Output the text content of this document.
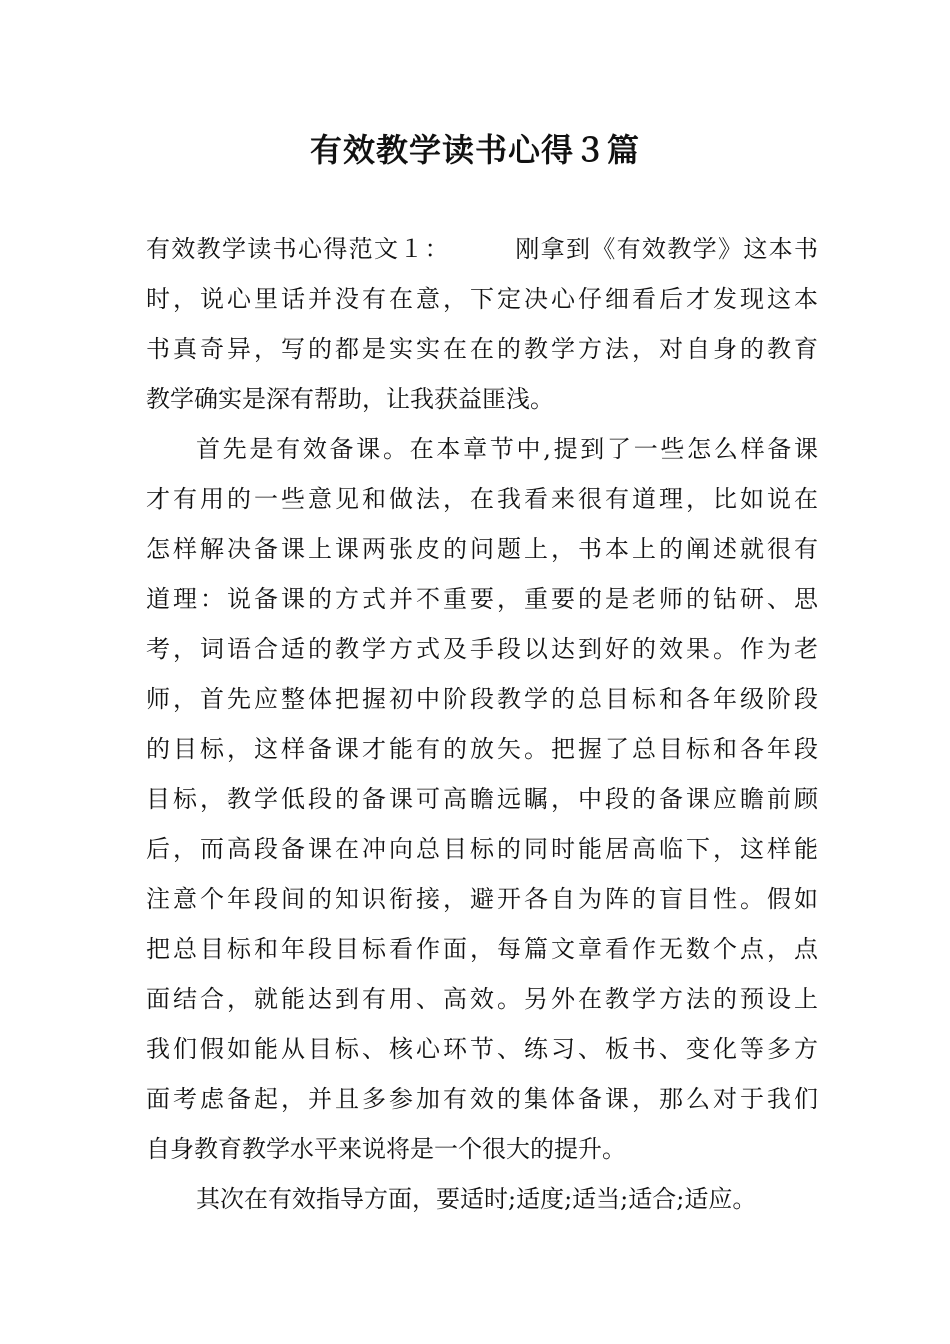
有效教学读书心得３篇
有效教学读书心得范文１：	刚拿到《有效教学》这本书
时，说心里话并没有在意，下定决心仔细看后才发现这本
书真奇异，写的都是实实在在的教学方法，对自身的教育
教学确实是深有帮助，让我获益匪浅。
首先是有效备课。在本章节中,提到了一些怎么样备课
才有用的一些意见和做法，在我看来很有道理，比如说在
怎样解决备课上课两张皮的问题上，书本上的阐述就很有
道理：说备课的方式并不重要，重要的是老师的钻研、思
考，词语合适的教学方式及手段以达到好的效果。作为老
师，首先应整体把握初中阶段教学的总目标和各年级阶段
的目标，这样备课才能有的放矢。把握了总目标和各年段
目标，教学低段的备课可高瞻远瞩，中段的备课应瞻前顾
后，而高段备课在冲向总目标的同时能居高临下，这样能
注意个年段间的知识衔接，避开各自为阵的盲目性。假如
把总目标和年段目标看作面，每篇文章看作无数个点，点
面结合，就能达到有用、高效。另外在教学方法的预设上
我们假如能从目标、核心环节、练习、板书、变化等多方
面考虑备起，并且多参加有效的集体备课，那么对于我们
自身教育教学水平来说将是一个很大的提升。
其次在有效指导方面，要适时;适度;适当;适合;适应。
